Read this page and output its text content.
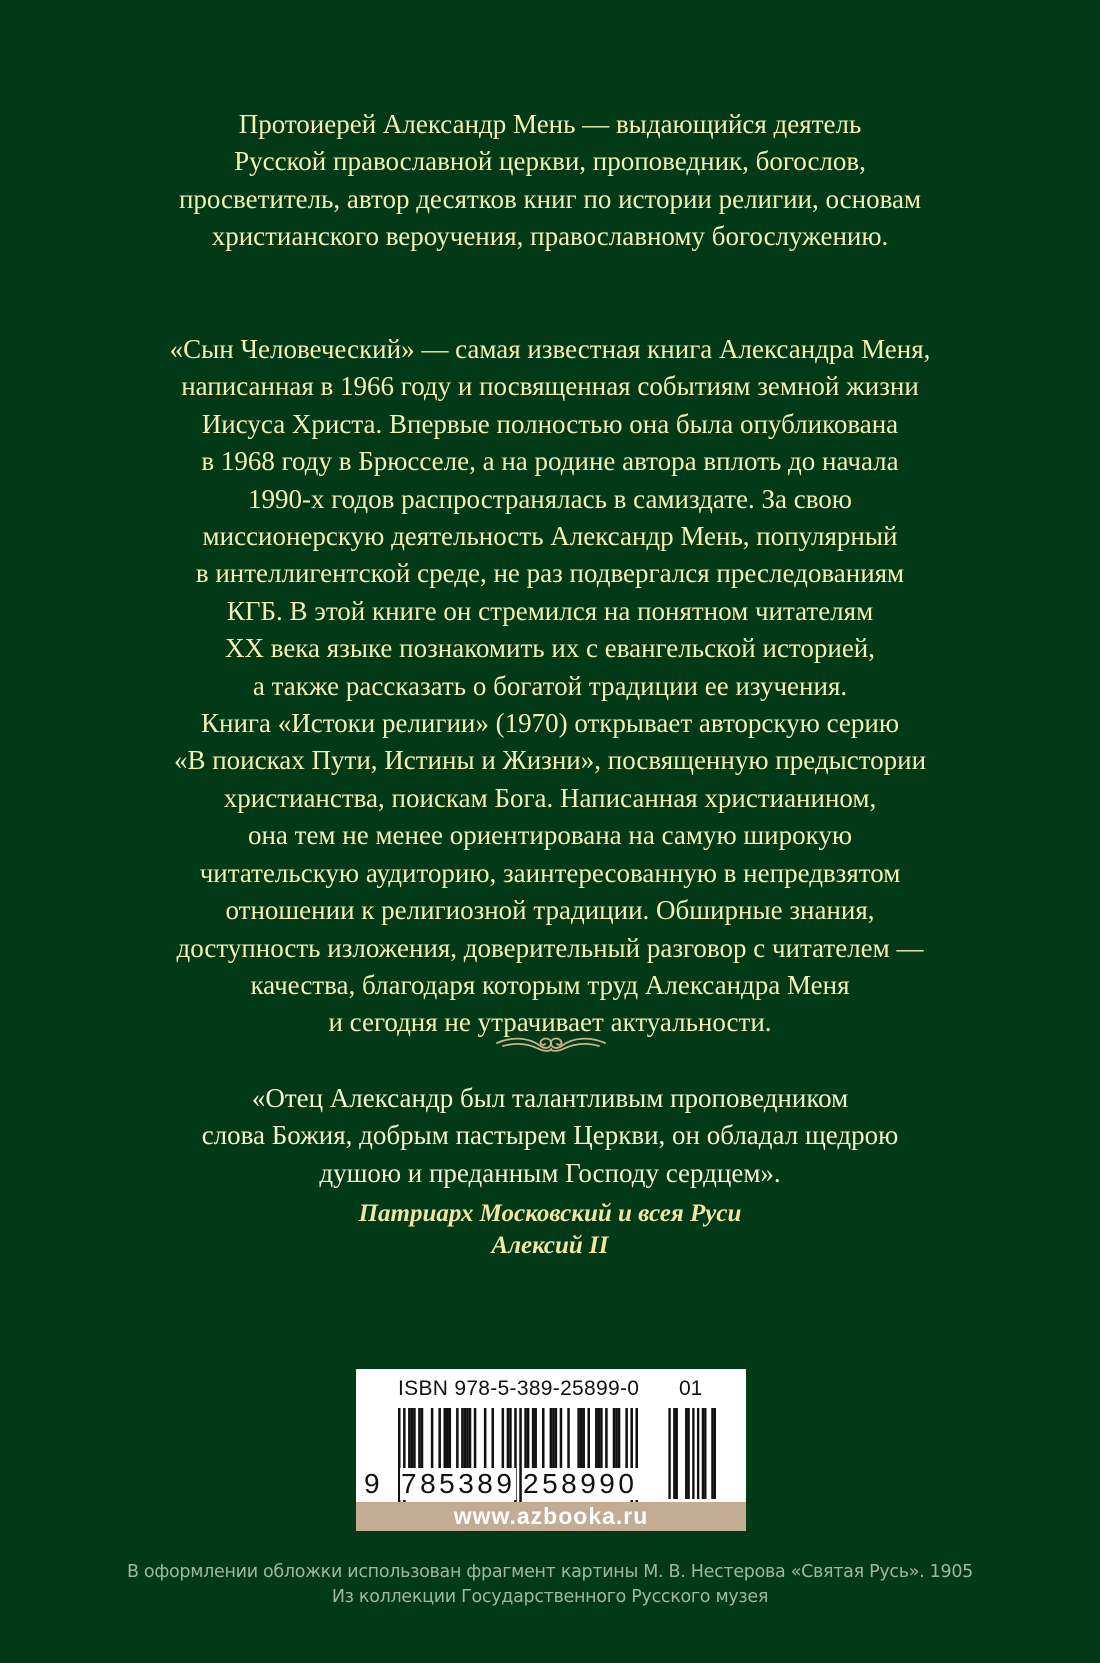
Протоиерей Александр Мень — выдающийся деятель
Русской православной церкви, проповедник, богослов,
просветитель, автор десятков книг по истории религии, основам
христианского вероучения, православному богослужению.
«Сын Человеческий» — самая известная книга Александра Меня,
написанная в 1966 году и посвященная событиям земной жизни
Иисуса Христа. Впервые полностью она была опубликована
в 1968 году в Брюсселе, а на родине автора вплоть до начала
1990-х годов распространялась в самиздате. За свою
миссионерскую деятельность Александр Мень, популярный
в интеллигентской среде, не раз подвергался преследованиям
КГБ. В этой книге он стремился на понятном читателям
XX века языке познакомить их с евангельской историей,
а также рассказать о богатой традиции ее изучения.
Книга «Истоки религии» (1970) открывает авторскую серию
«В поисках Пути, Истины и Жизни», посвященную предыстории
христианства, поискам Бога. Написанная христианином,
она тем не менее ориентирована на самую широкую
читательскую аудиторию, заинтересованную в непредвзятом
отношении к религиозной традиции. Обширные знания,
доступность изложения, доверительный разговор с читателем —
качества, благодаря которым труд Александра Меня
и сегодня не утрачивает актуальности.
«Отец Александр был талантливым проповедником
слова Божия, добрым пастырем Церкви, он обладал щедрою
душою и преданным Господу сердцем».
Патриарх Московский и всея Руси
Алексий II
ISBN 978-5-389-25899-0 01
9 785389 258990
www.azbooka.ru
В оформлении обложки использован фрагмент картины М. В. Нестерова «Святая Русь». 1905
Из коллекции Государственного Русского музея
